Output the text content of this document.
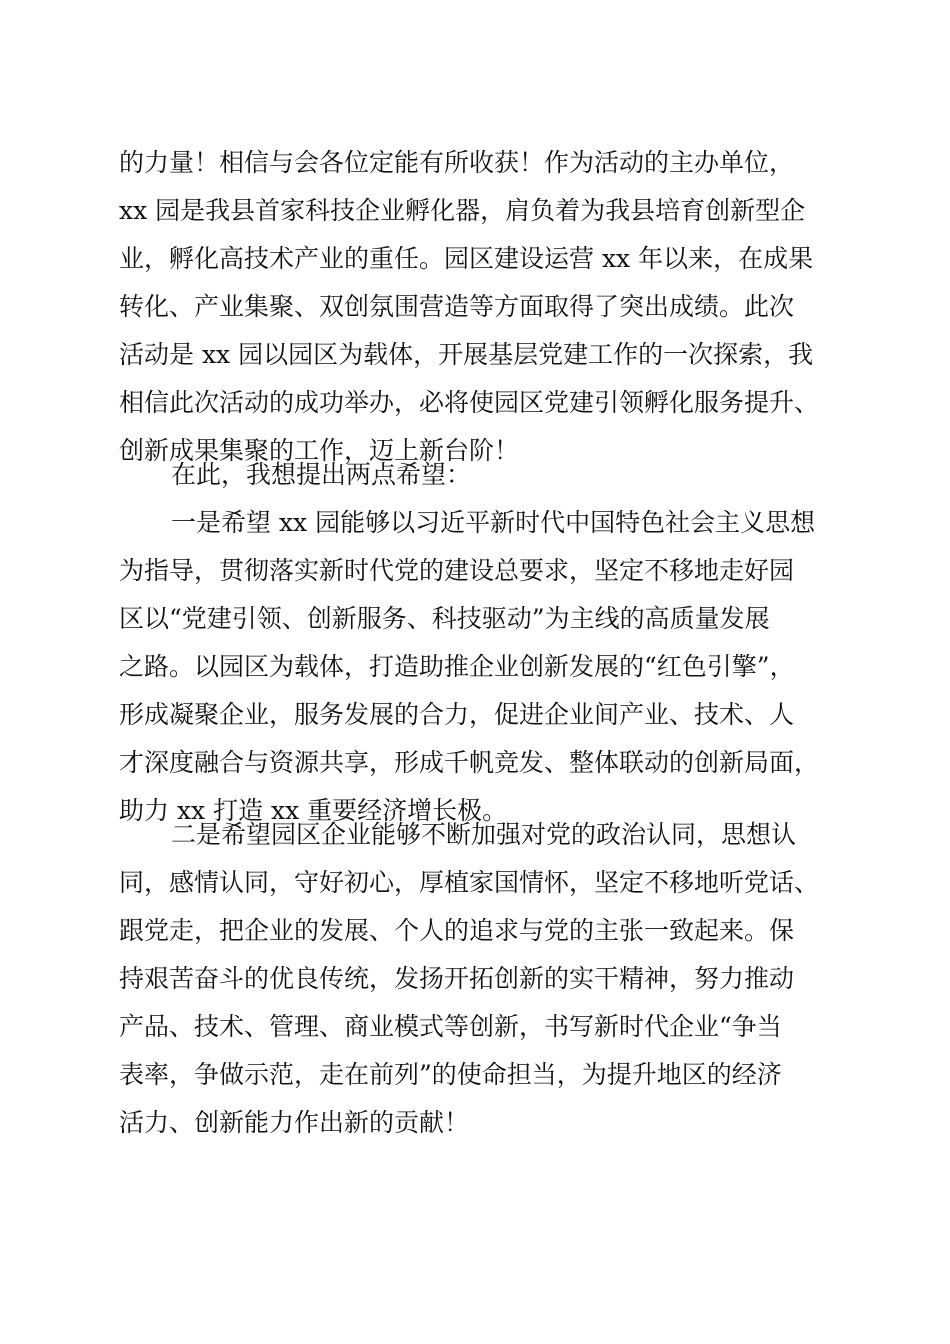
的力量！相信与会各位定能有所收获！作为活动的主办单位，
xx 园是我县首家科技企业孵化器，肩负着为我县培育创新型企
业，孵化高技术产业的重任。园区建设运营 xx 年以来，在成果
转化、产业集聚、双创氛围营造等方面取得了突出成绩。此次
活动是 xx 园以园区为载体，开展基层党建工作的一次探索，我
相信此次活动的成功举办，必将使园区党建引领孵化服务提升、
创新成果集聚的工作，迈上新台阶！
在此，我想提出两点希望：
一是希望 xx 园能够以习近平新时代中国特色社会主义思想
为指导，贯彻落实新时代党的建设总要求，坚定不移地走好园
区以“党建引领、创新服务、科技驱动”为主线的高质量发展
之路。以园区为载体，打造助推企业创新发展的“红色引擎”，
形成凝聚企业，服务发展的合力，促进企业间产业、技术、人
才深度融合与资源共享，形成千帆竞发、整体联动的创新局面，
助力 xx 打造 xx 重要经济增长极。
二是希望园区企业能够不断加强对党的政治认同，思想认
同，感情认同，守好初心，厚植家国情怀，坚定不移地听党话、
跟党走，把企业的发展、个人的追求与党的主张一致起来。保
持艰苦奋斗的优良传统，发扬开拓创新的实干精神，努力推动
产品、技术、管理、商业模式等创新，书写新时代企业“争当
表率，争做示范，走在前列”的使命担当，为提升地区的经济
活力、创新能力作出新的贡献！
